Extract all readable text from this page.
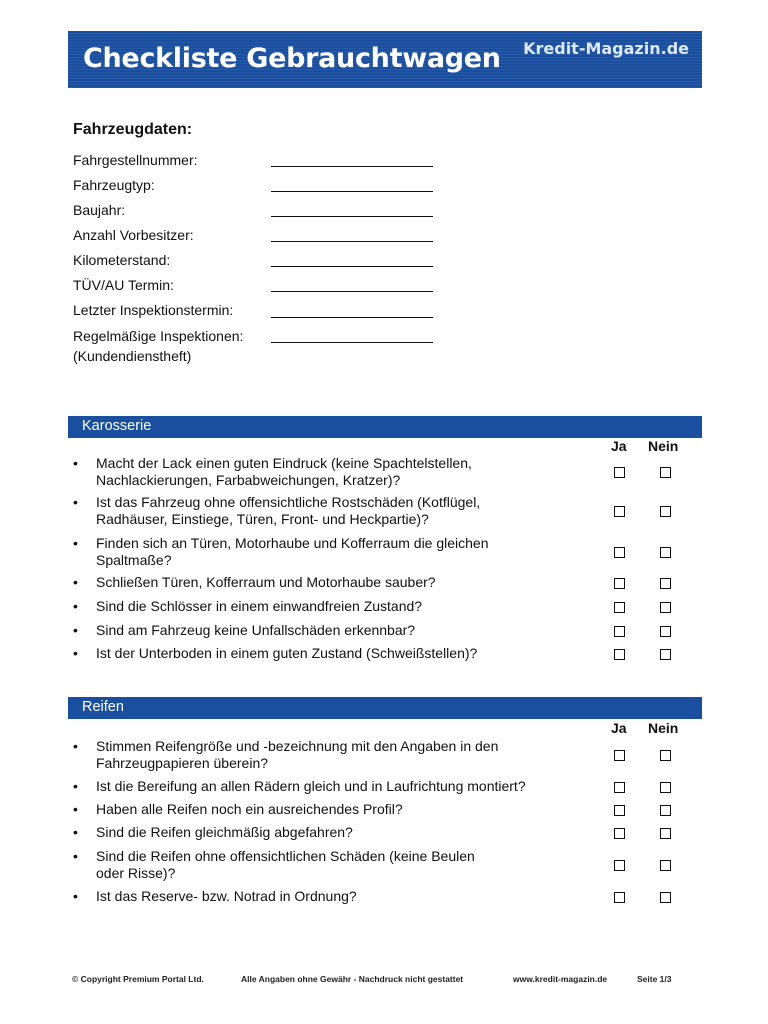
Checkliste Gebrauchtwagen Kredit-Magazin.de
Fahrzeugdaten:
Fahrgestellnummer:
Fahrzeugtyp:
Baujahr:
Anzahl Vorbesitzer:
Kilometerstand:
TÜV/AU Termin:
Letzter Inspektionstermin:
Regelmäßige Inspektionen:
(Kundendienstheft)
Karosserie
Ja Nein
• Macht der Lack einen guten Eindruck (keine Spachtelstellen,
Nachlackierungen, Farbabweichungen, Kratzer)?
• Ist das Fahrzeug ohne offensichtliche Rostschäden (Kotflügel,
Radhäuser, Einstiege, Türen, Front- und Heckpartie)?
• Finden sich an Türen, Motorhaube und Kofferraum die gleichen
Spaltmaße?
• Schließen Türen, Kofferraum und Motorhaube sauber?
• Sind die Schlösser in einem einwandfreien Zustand?
• Sind am Fahrzeug keine Unfallschäden erkennbar?
• Ist der Unterboden in einem guten Zustand (Schweißstellen)?
Reifen
Ja Nein
• Stimmen Reifengröße und -bezeichnung mit den Angaben in den
Fahrzeugpapieren überein?
• Ist die Bereifung an allen Rädern gleich und in Laufrichtung montiert?
• Haben alle Reifen noch ein ausreichendes Profil?
• Sind die Reifen gleichmäßig abgefahren?
• Sind die Reifen ohne offensichtlichen Schäden (keine Beulen
oder Risse)?
• Ist das Reserve- bzw. Notrad in Ordnung?
© Copyright Premium Portal Ltd.	Alle Angaben ohne Gewähr - Nachdruck nicht gestattet	www.kredit-magazin.de	Seite 1/3
